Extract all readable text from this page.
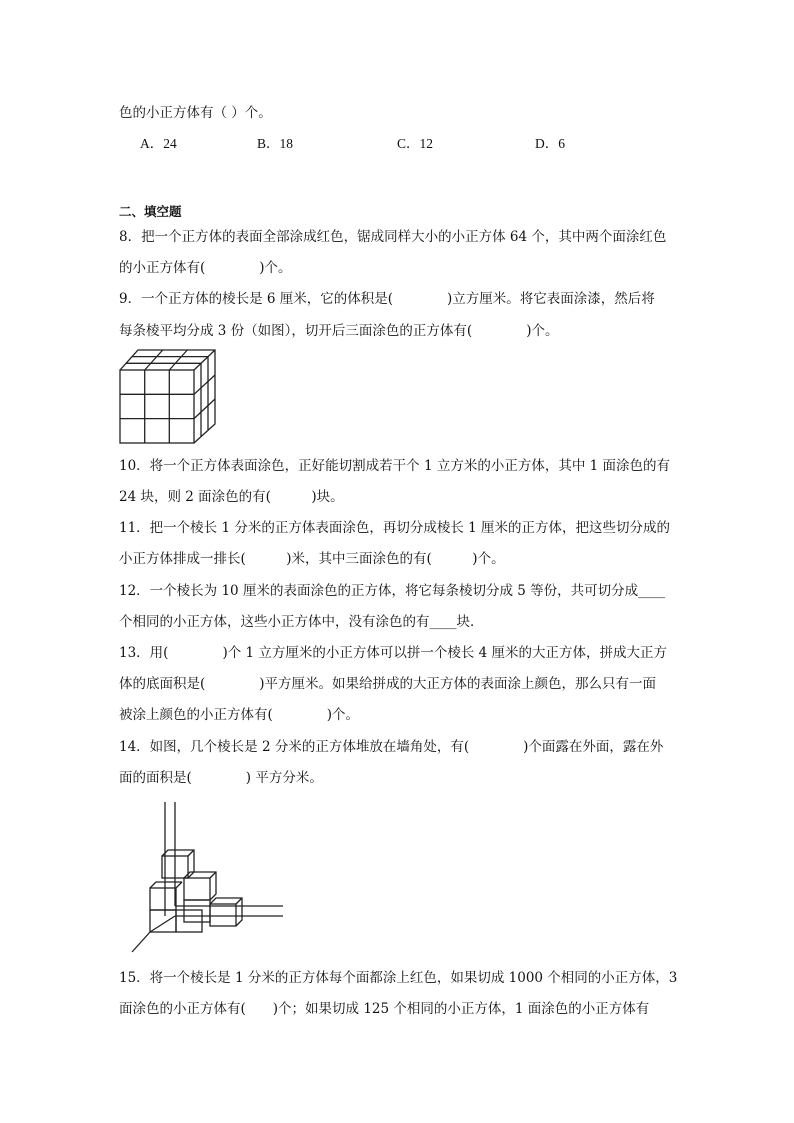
色的小正方体有（ ）个。
A．24	B．18	C．12	D．6
二、填空题
8．把一个正方体的表面全部涂成红色，锯成同样大小的小正方体 64 个，其中两个面涂红色
的小正方体有(　　　　)个。
9．一个正方体的棱长是 6 厘米，它的体积是(　　　　)立方厘米。将它表面涂漆，然后将
每条棱平均分成 3 份（如图），切开后三面涂色的正方体有(　　　　)个。
10．将一个正方体表面涂色，正好能切割成若干个 1 立方米的小正方体，其中 1 面涂色的有
24 块，则 2 面涂色的有(　　　)块。
11．把一个棱长 1 分米的正方体表面涂色，再切分成棱长 1 厘米的正方体，把这些切分成的
小正方体排成一排长(　　　)米，其中三面涂色的有(　　　)个。
12．一个棱长为 10 厘米的表面涂色的正方体，将它每条棱切分成 5 等份，共可切分成____
个相同的小正方体，这些小正方体中，没有涂色的有____块．
13．用(　　　　)个 1 立方厘米的小正方体可以拼一个棱长 4 厘米的大正方体，拼成大正方
体的底面积是(　　　　)平方厘米。如果给拼成的大正方体的表面涂上颜色，那么只有一面
被涂上颜色的小正方体有(　　　　)个。
14．如图，几个棱长是 2 分米的正方体堆放在墙角处，有(　　　　)个面露在外面，露在外
面的面积是(　　　　) 平方分米。
15．将一个棱长是 1 分米的正方体每个面都涂上红色，如果切成 1000 个相同的小正方体，3
面涂色的小正方体有(　　)个；如果切成 125 个相同的小正方体，1 面涂色的小正方体有
